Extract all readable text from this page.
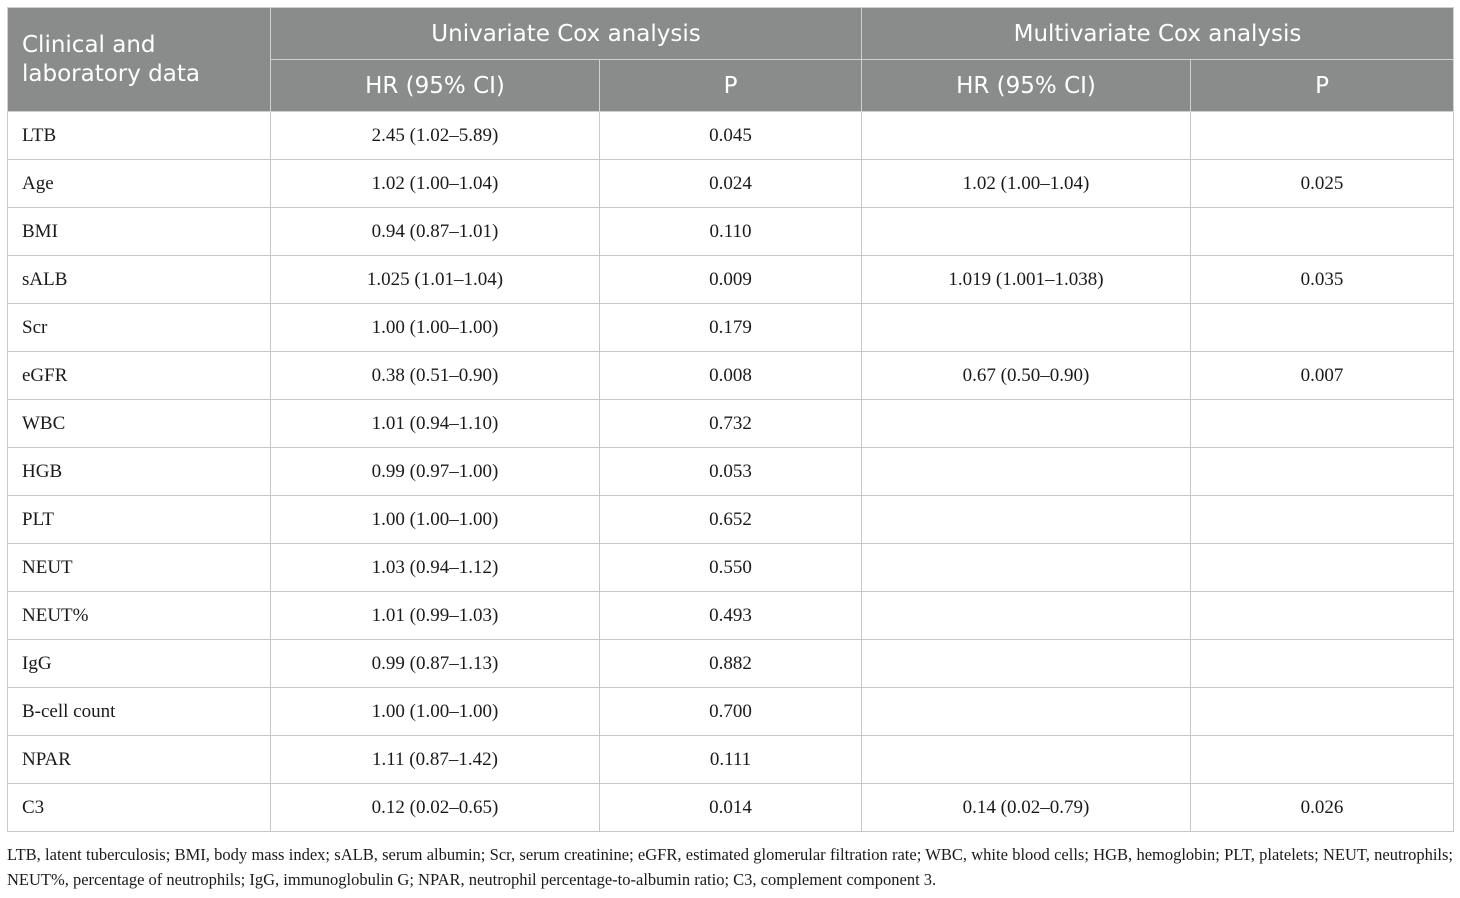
Clinical and laboratory data	Univariate Cox analysis		Multivariate Cox analysis	
	HR (95% CI)	P	HR (95% CI)	P
LTB	2.45 (1.02–5.89)	0.045		
Age	1.02 (1.00–1.04)	0.024	1.02 (1.00–1.04)	0.025
BMI	0.94 (0.87–1.01)	0.110		
sALB	1.025 (1.01–1.04)	0.009	1.019 (1.001–1.038)	0.035
Scr	1.00 (1.00–1.00)	0.179		
eGFR	0.38 (0.51–0.90)	0.008	0.67 (0.50–0.90)	0.007
WBC	1.01 (0.94–1.10)	0.732		
HGB	0.99 (0.97–1.00)	0.053		
PLT	1.00 (1.00–1.00)	0.652		
NEUT	1.03 (0.94–1.12)	0.550		
NEUT%	1.01 (0.99–1.03)	0.493		
IgG	0.99 (0.87–1.13)	0.882		
B-cell count	1.00 (1.00–1.00)	0.700		
NPAR	1.11 (0.87–1.42)	0.111		
C3	0.12 (0.02–0.65)	0.014	0.14 (0.02–0.79)	0.026

LTB, latent tuberculosis; BMI, body mass index; sALB, serum albumin; Scr, serum creatinine; eGFR, estimated glomerular filtration rate; WBC, white blood cells; HGB, hemoglobin; PLT, platelets; NEUT, neutrophils; NEUT%, percentage of neutrophils; IgG, immunoglobulin G; NPAR, neutrophil percentage-to-albumin ratio; C3, complement component 3.
